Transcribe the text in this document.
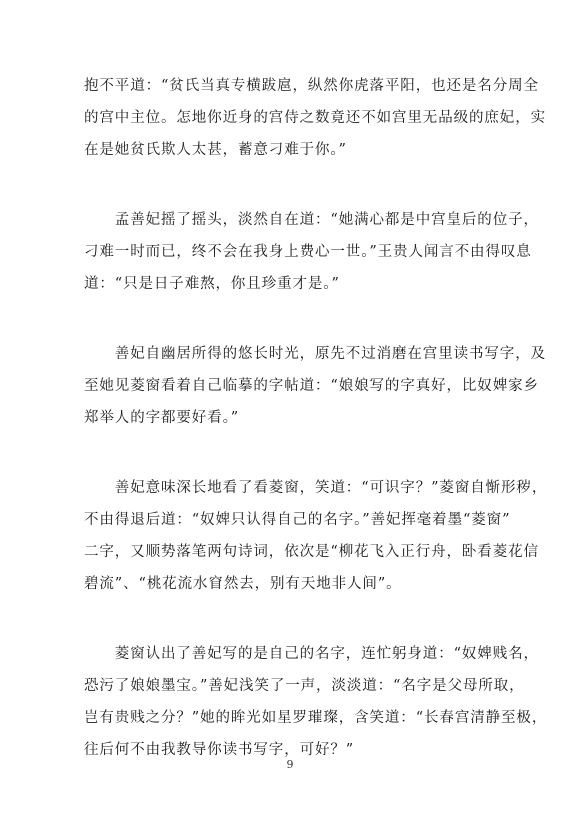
抱不平道：“贫氏当真专横跋扈，纵然你虎落平阳，也还是名分周全
的宫中主位。怎地你近身的宫侍之数竟还不如宫里无品级的庶妃，实
在是她贫氏欺人太甚，蓄意刁难于你。”

　　孟善妃摇了摇头，淡然自在道：“她满心都是中宫皇后的位子，
刁难一时而已，终不会在我身上费心一世。”王贵人闻言不由得叹息
道：“只是日子难熬，你且珍重才是。”

　　善妃自幽居所得的悠长时光，原先不过消磨在宫里读书写字，及
至她见菱窗看着自己临摹的字帖道：“娘娘写的字真好，比奴婢家乡
郑举人的字都要好看。”

　　善妃意味深长地看了看菱窗，笑道：“可识字？”菱窗自惭形秽，
不由得退后道：“奴婢只认得自己的名字。”善妃挥毫着墨“菱窗”
二字，又顺势落笔两句诗词，依次是“柳花飞入正行舟，卧看菱花信
碧流”、“桃花流水窅然去，别有天地非人间”。

　　菱窗认出了善妃写的是自己的名字，连忙躬身道：“奴婢贱名，
恐污了娘娘墨宝。”善妃浅笑了一声，淡淡道：“名字是父母所取，
岂有贵贱之分？”她的眸光如星罗璀璨，含笑道：“长春宫清静至极，
往后何不由我教导你读书写字，可好？”

9
